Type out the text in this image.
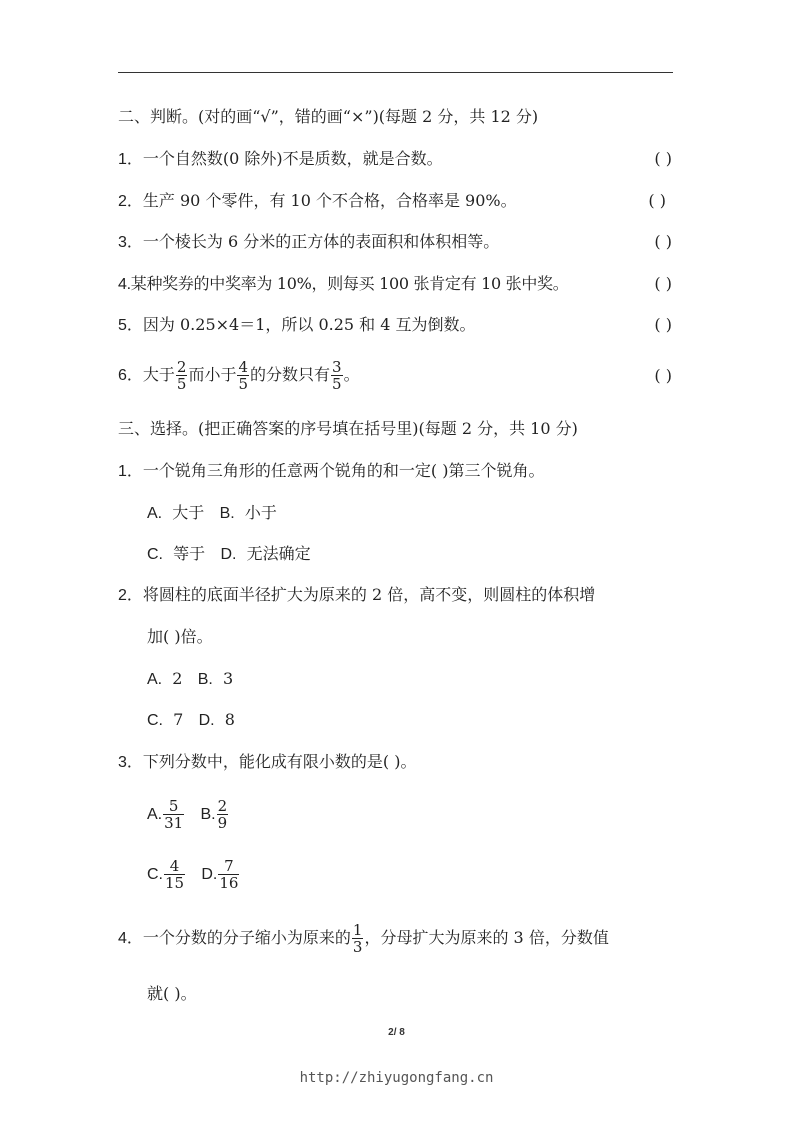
二、判断。(对的画“√”，错的画“×”)(每题 2 分，共 12 分)
1．一个自然数(0 除外)不是质数，就是合数。	( )
2．生产 90 个零件，有 10 个不合格，合格率是 90%。	( )
3．一个棱长为 6 分米的正方体的表面积和体积相等。	( )
4.某种奖券的中奖率为 10%，则每买 100 张肯定有 10 张中奖。	( )
5．因为 0.25×4＝1，所以 0.25 和 4 互为倒数。	( )
6．大于 $\frac{2}{5}$ 而小于 $\frac{4}{5}$ 的分数只有 $\frac{3}{5}$ 。	( )
三、选择。(把正确答案的序号填在括号里)(每题 2 分，共 10 分)
1．一个锐角三角形的任意两个锐角的和一定( )第三个锐角。
A. 大于 B. 小于
C. 等于 D. 无法确定
2．将圆柱的底面半径扩大为原来的 2 倍，高不变，则圆柱的体积增
加( )倍。
A. 2 B. 3
C. 7 D. 8
3．下列分数中，能化成有限小数的是( )。
A. $\frac{5}{31} B$. $\frac{2}{9}$
C. $\frac{4}{15} D$. $\frac{7}{16}$
4．一个分数的分子缩小为原来的 $\frac{1}{3}$ ，分母扩大为原来的 3 倍，分数值
就( )。
2/ 8
http://zhiyugongfang.cn
